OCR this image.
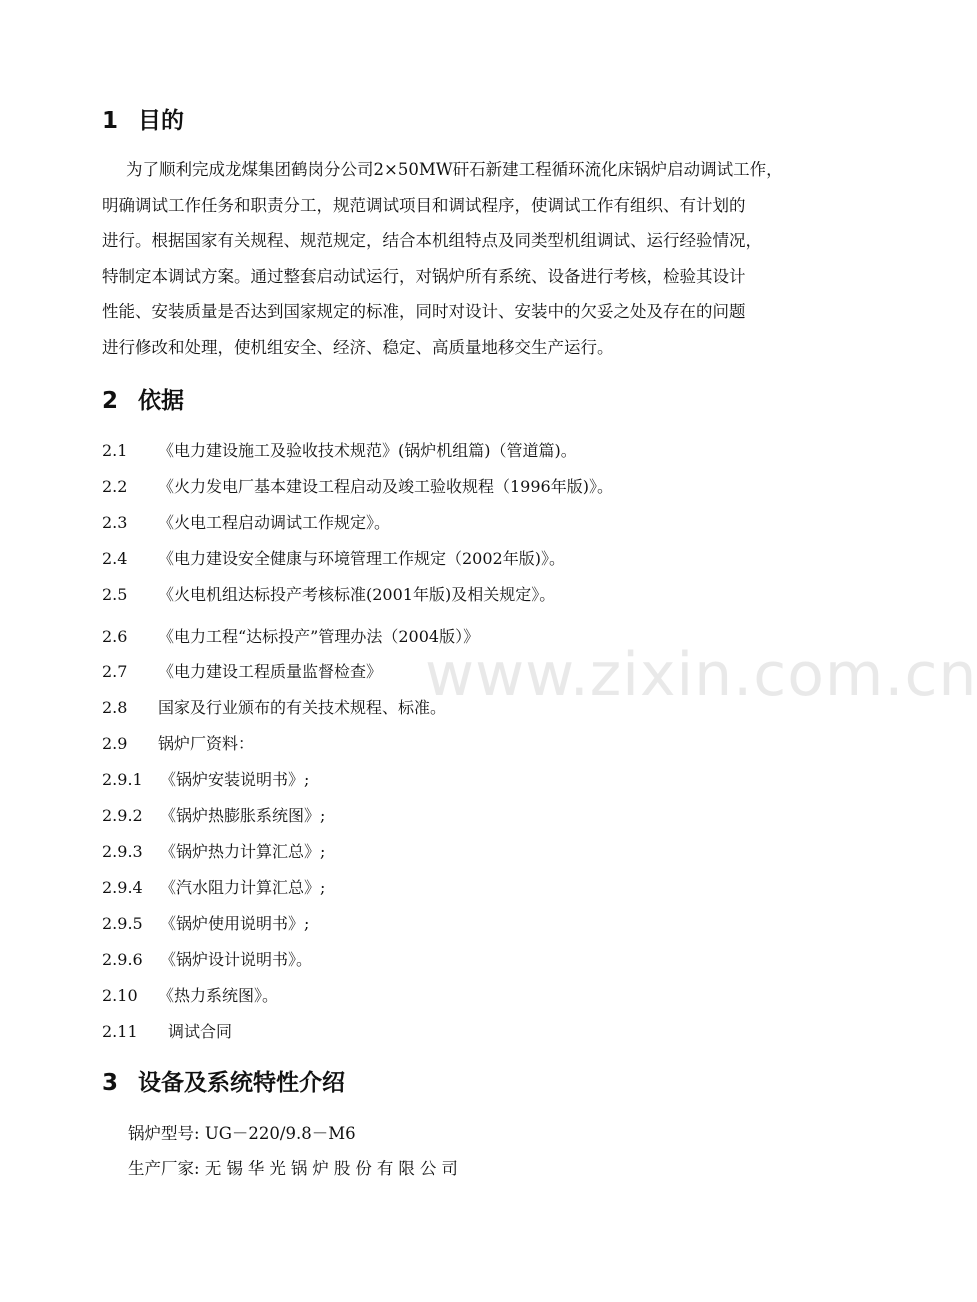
1 目的
为了顺利完成龙煤集团鹤岗分公司2×50MW矸石新建工程循环流化床锅炉启动调试工作，
明确调试工作任务和职责分工，规范调试项目和调试程序，使调试工作有组织、有计划的
进行。根据国家有关规程、规范规定，结合本机组特点及同类型机组调试、运行经验情况，
特制定本调试方案。通过整套启动试运行，对锅炉所有系统、设备进行考核，检验其设计
性能、安装质量是否达到国家规定的标准，同时对设计、安装中的欠妥之处及存在的问题
进行修改和处理，使机组安全、经济、稳定、高质量地移交生产运行。
2 依据
2.1 《电力建设施工及验收技术规范》(锅炉机组篇)（管道篇)。
2.2 《火力发电厂基本建设工程启动及竣工验收规程（1996年版)》。
2.3 《火电工程启动调试工作规定》。
2.4 《电力建设安全健康与环境管理工作规定（2002年版)》。
2.5 《火电机组达标投产考核标准(2001年版)及相关规定》。
2.6 《电力工程“达标投产”管理办法（2004版）》
2.7 《电力建设工程质量监督检查》
2.8 国家及行业颁布的有关技术规程、标准。
2.9 锅炉厂资料：
2.9.1 《锅炉安装说明书》;
2.9.2 《锅炉热膨胀系统图》;
2.9.3 《锅炉热力计算汇总》;
2.9.4 《汽水阻力计算汇总》;
2.9.5 《锅炉使用说明书》;
2.9.6 《锅炉设计说明书》。
2.10 《热力系统图》。
2.11 调试合同
3 设备及系统特性介绍
锅炉型号: UG－220/9.8－M6
生产厂家: 无锡华光锅炉股份有限公司
www.zixin.com.cn
